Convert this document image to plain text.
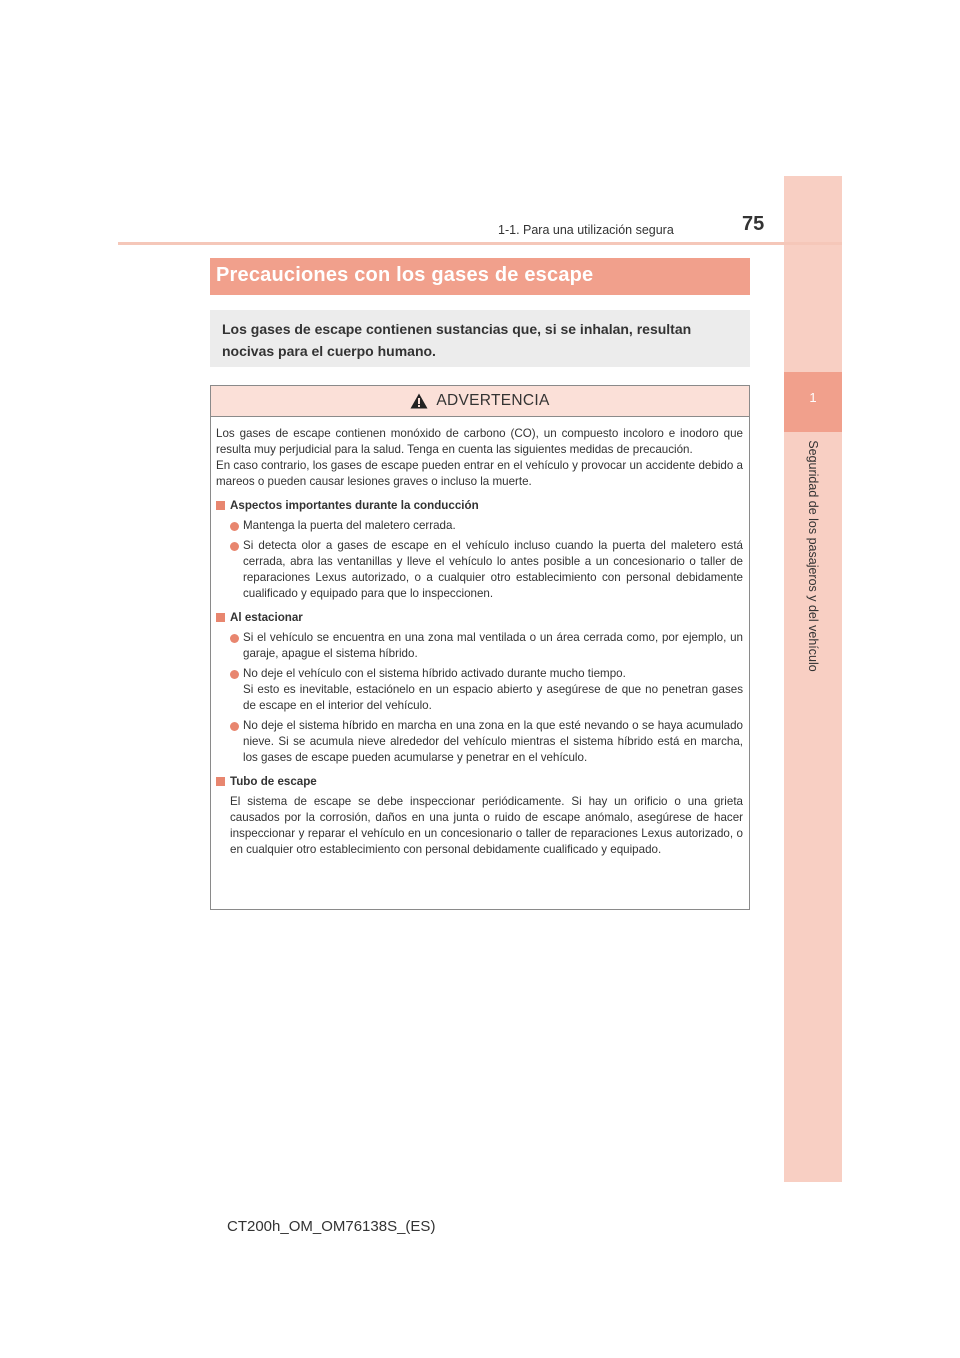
1
Seguridad de los pasajeros y del vehículo
1-1. Para una utilización segura	75
Precauciones con los gases de escape
Los gases de escape contienen sustancias que, si se inhalan, resultan nocivas para el cuerpo humano.
ADVERTENCIA

Los gases de escape contienen monóxido de carbono (CO), un compuesto incoloro e inodoro que resulta muy perjudicial para la salud. Tenga en cuenta las siguientes medidas de precaución.

En caso contrario, los gases de escape pueden entrar en el vehículo y provocar un accidente debido a mareos o pueden causar lesiones graves o incluso la muerte.

Aspectos importantes durante la conducción
Mantenga la puerta del maletero cerrada.
Si detecta olor a gases de escape en el vehículo incluso cuando la puerta del maletero está cerrada, abra las ventanillas y lleve el vehículo lo antes posible a un concesionario o taller de reparaciones Lexus autorizado, o a cualquier otro establecimiento con personal debidamente cualificado y equipado para que lo inspeccionen.
Al estacionar
Si el vehículo se encuentra en una zona mal ventilada o un área cerrada como, por ejemplo, un garaje, apague el sistema híbrido.
No deje el vehículo con el sistema híbrido activado durante mucho tiempo.
Si esto es inevitable, estaciónelo en un espacio abierto y asegúrese de que no penetran gases de escape en el interior del vehículo.
No deje el sistema híbrido en marcha en una zona en la que esté nevando o se haya acumulado nieve. Si se acumula nieve alrededor del vehículo mientras el sistema híbrido está en marcha, los gases de escape pueden acumularse y penetrar en el vehículo.
Tubo de escape
El sistema de escape se debe inspeccionar periódicamente. Si hay un orificio o una grieta causados por la corrosión, daños en una junta o ruido de escape anómalo, asegúrese de hacer inspeccionar y reparar el vehículo en un concesionario o taller de reparaciones Lexus autorizado, o en cualquier otro establecimiento con personal debidamente cualificado y equipado.
CT200h_OM_OM76138S_(ES)
